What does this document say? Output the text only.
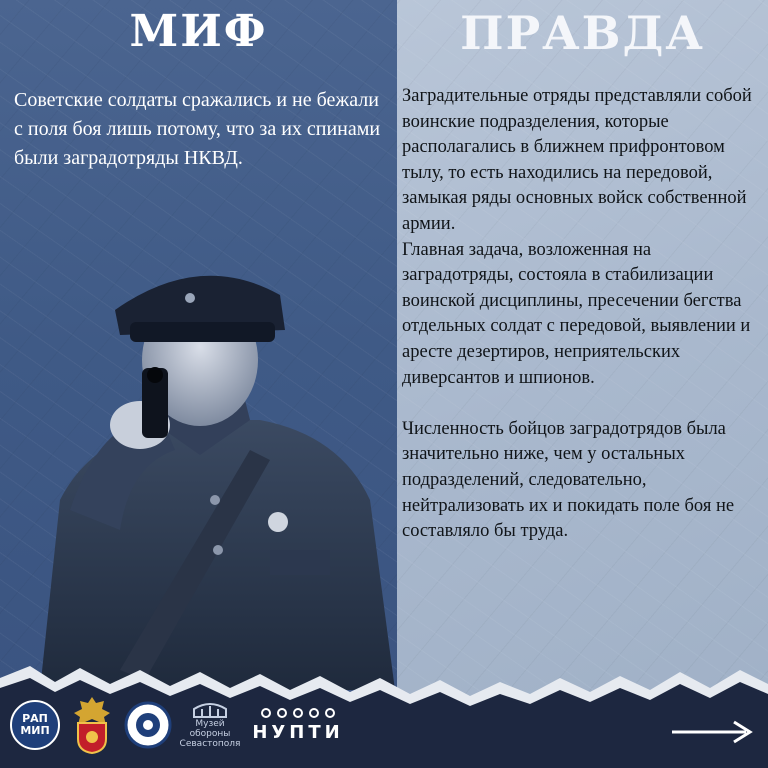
МИФ	ПРАВДА

Советские солдаты сражались и не бежали с поля боя лишь потому, что за их спинами были заградотряды НКВД.

Заградительные отряды представляли собой воинские подразделения, которые располагались в ближнем прифронтовом тылу, то есть находились на передовой, замыкая ряды основных войск собственной армии.
Главная задача, возложенная на заградотряды, состояла в стабилизации воинской дисциплины, пресечении бегства отдельных солдат с передовой, выявлении и аресте дезертиров, неприятельских диверсантов и шпионов.

Численность бойцов заградотрядов была значительно ниже, чем у остальных подразделений, следовательно, нейтрализовать их и покидать поле боя не составляло бы труда.

РАП
МИП	Музей
обороны
Севастополя
НУПТИ
